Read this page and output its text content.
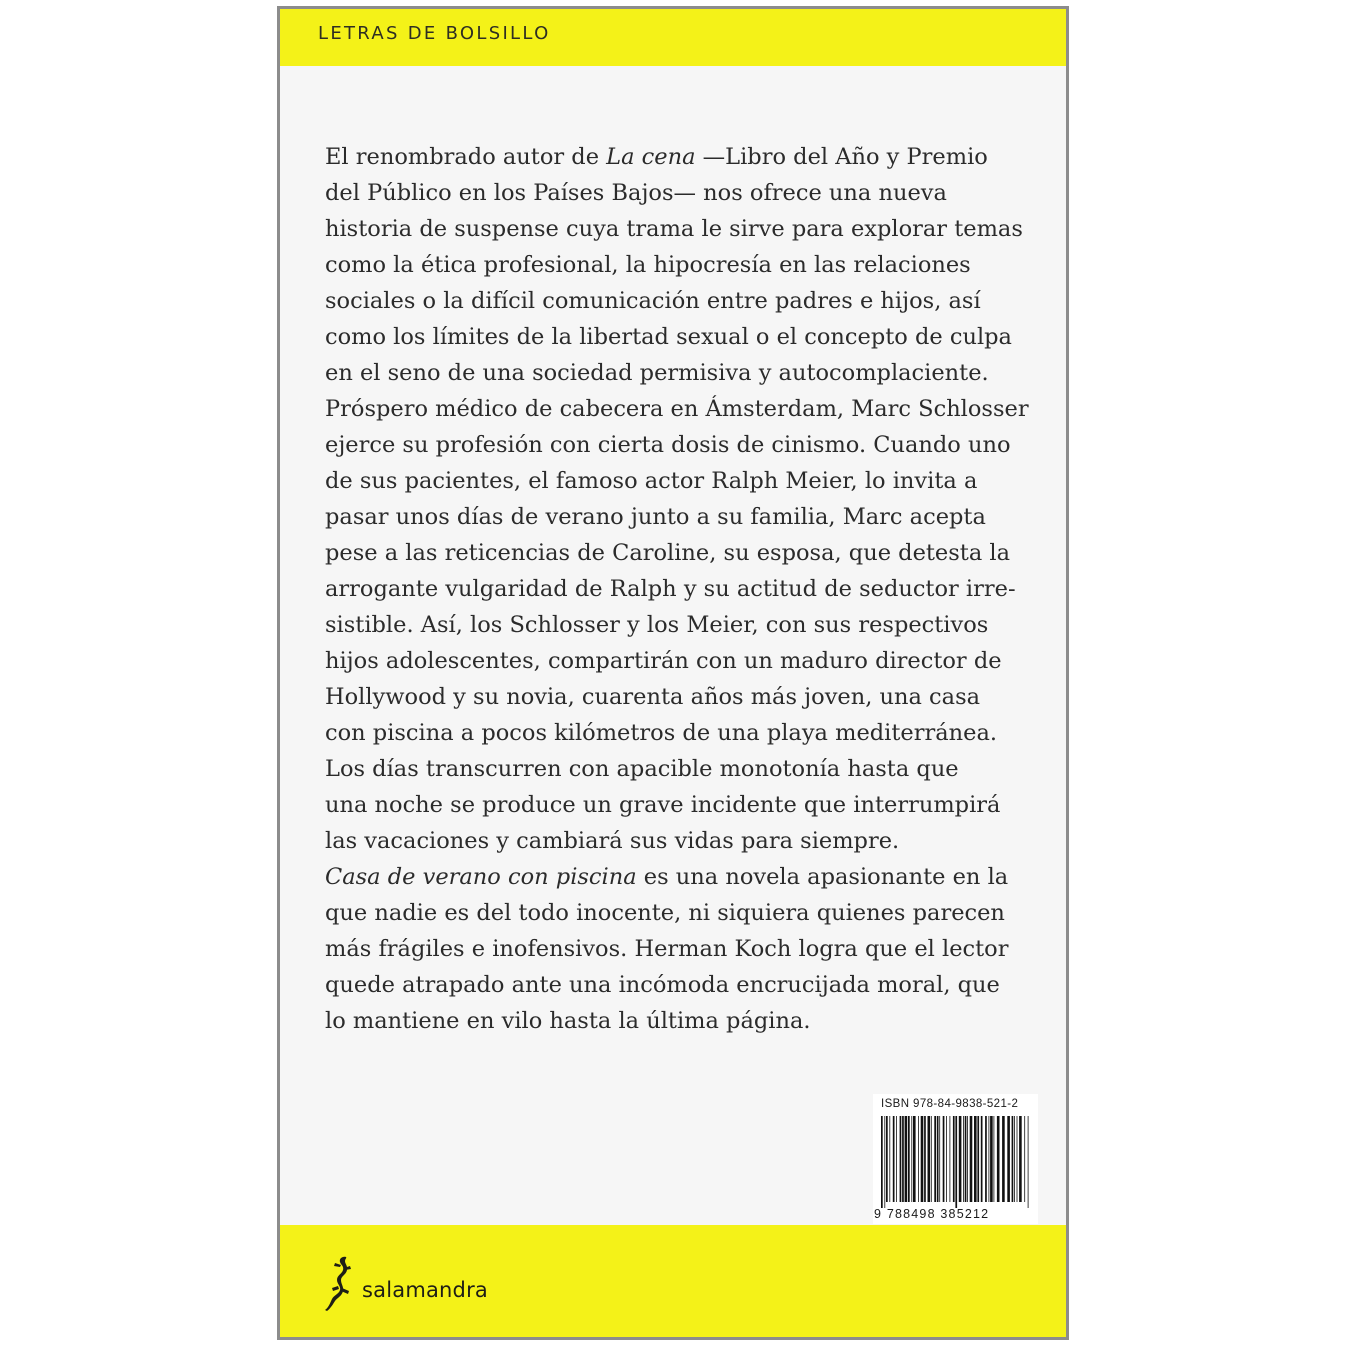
LETRAS DE BOLSILLO
El renombrado autor de La cena —Libro del Año y Premio
del Público en los Países Bajos— nos ofrece una nueva
historia de suspense cuya trama le sirve para explorar temas
como la ética profesional, la hipocresía en las relaciones
sociales o la difícil comunicación entre padres e hijos, así
como los límites de la libertad sexual o el concepto de culpa
en el seno de una sociedad permisiva y autocomplaciente.
Próspero médico de cabecera en Ámsterdam, Marc Schlosser
ejerce su profesión con cierta dosis de cinismo. Cuando uno
de sus pacientes, el famoso actor Ralph Meier, lo invita a
pasar unos días de verano junto a su familia, Marc acepta
pese a las reticencias de Caroline, su esposa, que detesta la
arrogante vulgaridad de Ralph y su actitud de seductor irre-
sistible. Así, los Schlosser y los Meier, con sus respectivos
hijos adolescentes, compartirán con un maduro director de
Hollywood y su novia, cuarenta años más joven, una casa
con piscina a pocos kilómetros de una playa mediterránea.
Los días transcurren con apacible monotonía hasta que
una noche se produce un grave incidente que interrumpirá
las vacaciones y cambiará sus vidas para siempre.
Casa de verano con piscina es una novela apasionante en la
que nadie es del todo inocente, ni siquiera quienes parecen
más frágiles e inofensivos. Herman Koch logra que el lector
quede atrapado ante una incómoda encrucijada moral, que
lo mantiene en vilo hasta la última página.
ISBN 978-84-9838-521-2
9 788498 385212
salamandra
